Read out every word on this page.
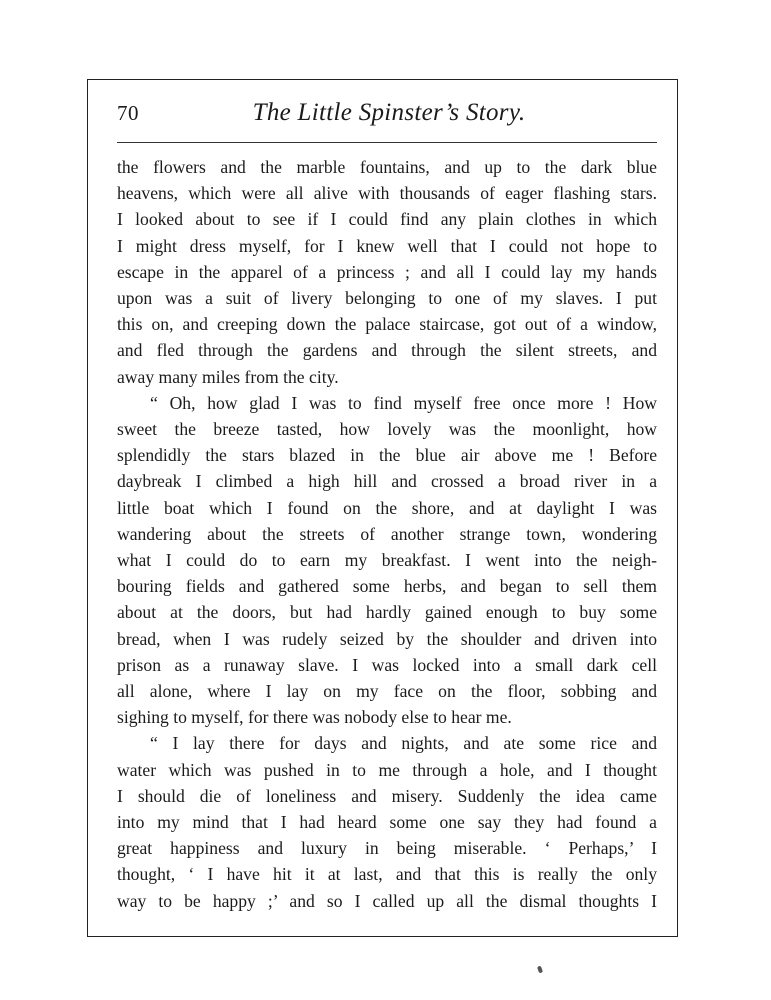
70	The Little Spinster’s Story.
the flowers and the marble fountains, and up to the dark blue
heavens, which were all alive with thousands of eager flashing stars.
I looked about to see if I could find any plain clothes in which
I might dress myself, for I knew well that I could not hope to
escape in the apparel of a princess ; and all I could lay my hands
upon was a suit of livery belonging to one of my slaves. I put
this on, and creeping down the palace staircase, got out of a window,
and fled through the gardens and through the silent streets, and
away many miles from the city.
“ Oh, how glad I was to find myself free once more ! How
sweet the breeze tasted, how lovely was the moonlight, how
splendidly the stars blazed in the blue air above me ! Before
daybreak I climbed a high hill and crossed a broad river in a
little boat which I found on the shore, and at daylight I was
wandering about the streets of another strange town, wondering
what I could do to earn my breakfast. I went into the neigh-
bouring fields and gathered some herbs, and began to sell them
about at the doors, but had hardly gained enough to buy some
bread, when I was rudely seized by the shoulder and driven into
prison as a runaway slave. I was locked into a small dark cell
all alone, where I lay on my face on the floor, sobbing and
sighing to myself, for there was nobody else to hear me.
“ I lay there for days and nights, and ate some rice and
water which was pushed in to me through a hole, and I thought
I should die of loneliness and misery. Suddenly the idea came
into my mind that I had heard some one say they had found a
great happiness and luxury in being miserable. ‘ Perhaps,’ I
thought, ‘ I have hit it at last, and that this is really the only
way to be happy ;’ and so I called up all the dismal thoughts I
